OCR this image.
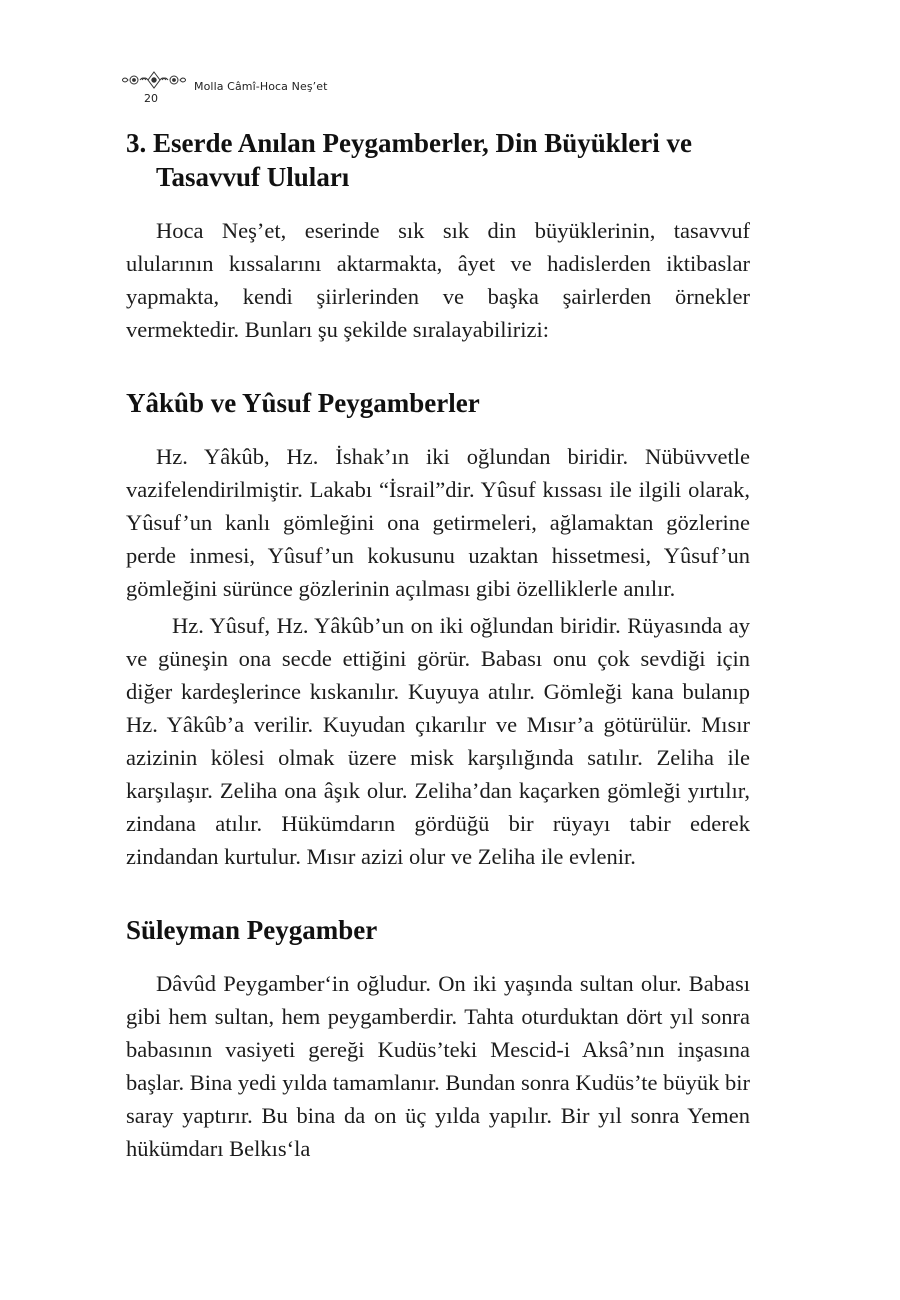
20
Molla Câmî-Hoca Neş’et
3. Eserde Anılan Peygamberler, Din Büyükleri ve Tasavvuf Uluları

Hoca Neş’et, eserinde sık sık din büyüklerinin, tasavvuf ulularının kıssalarını aktarmakta, âyet ve hadislerden iktibaslar yapmakta, kendi şiirlerinden ve başka şairlerden örnekler vermektedir. Bunları şu şekilde sıralayabilirizi:

Yâkûb ve Yûsuf Peygamberler

Hz. Yâkûb, Hz. İshak’ın iki oğlundan biridir. Nübüvvetle vazifelendirilmiştir. Lakabı “İsrail”dir. Yûsuf kıssası ile ilgili olarak, Yûsuf’un kanlı gömleğini ona getirmeleri, ağlamaktan gözlerine perde inmesi, Yûsuf’un kokusunu uzaktan hissetmesi, Yûsuf’un gömleğini sürünce gözlerinin açılması gibi özelliklerle anılır.

Hz. Yûsuf, Hz. Yâkûb’un on iki oğlundan biridir. Rüyasında ay ve güneşin ona secde ettiğini görür. Babası onu çok sevdiği için diğer kardeşlerince kıskanılır. Kuyuya atılır. Gömleği kana bulanıp Hz. Yâkûb’a verilir. Kuyudan çıkarılır ve Mısır’a götürülür. Mısır azizinin kölesi olmak üzere misk karşılığında satılır. Zeliha ile karşılaşır. Zeliha ona âşık olur. Zeliha’dan kaçarken gömleği yırtılır, zindana atılır. Hükümdarın gördüğü bir rüyayı tabir ederek zindandan kurtulur. Mısır azizi olur ve Zeliha ile evlenir.

Süleyman Peygamber

Dâvûd Peygamber‘in oğludur. On iki yaşında sultan olur. Babası gibi hem sultan, hem peygamberdir. Tahta oturduktan dört yıl sonra babasının vasiyeti gereği Kudüs’teki Mescid-i Aksâ’nın inşasına başlar. Bina yedi yılda tamamlanır. Bundan sonra Kudüs’te büyük bir saray yaptırır. Bu bina da on üç yılda yapılır. Bir yıl sonra Yemen hükümdarı Belkıs‘la
